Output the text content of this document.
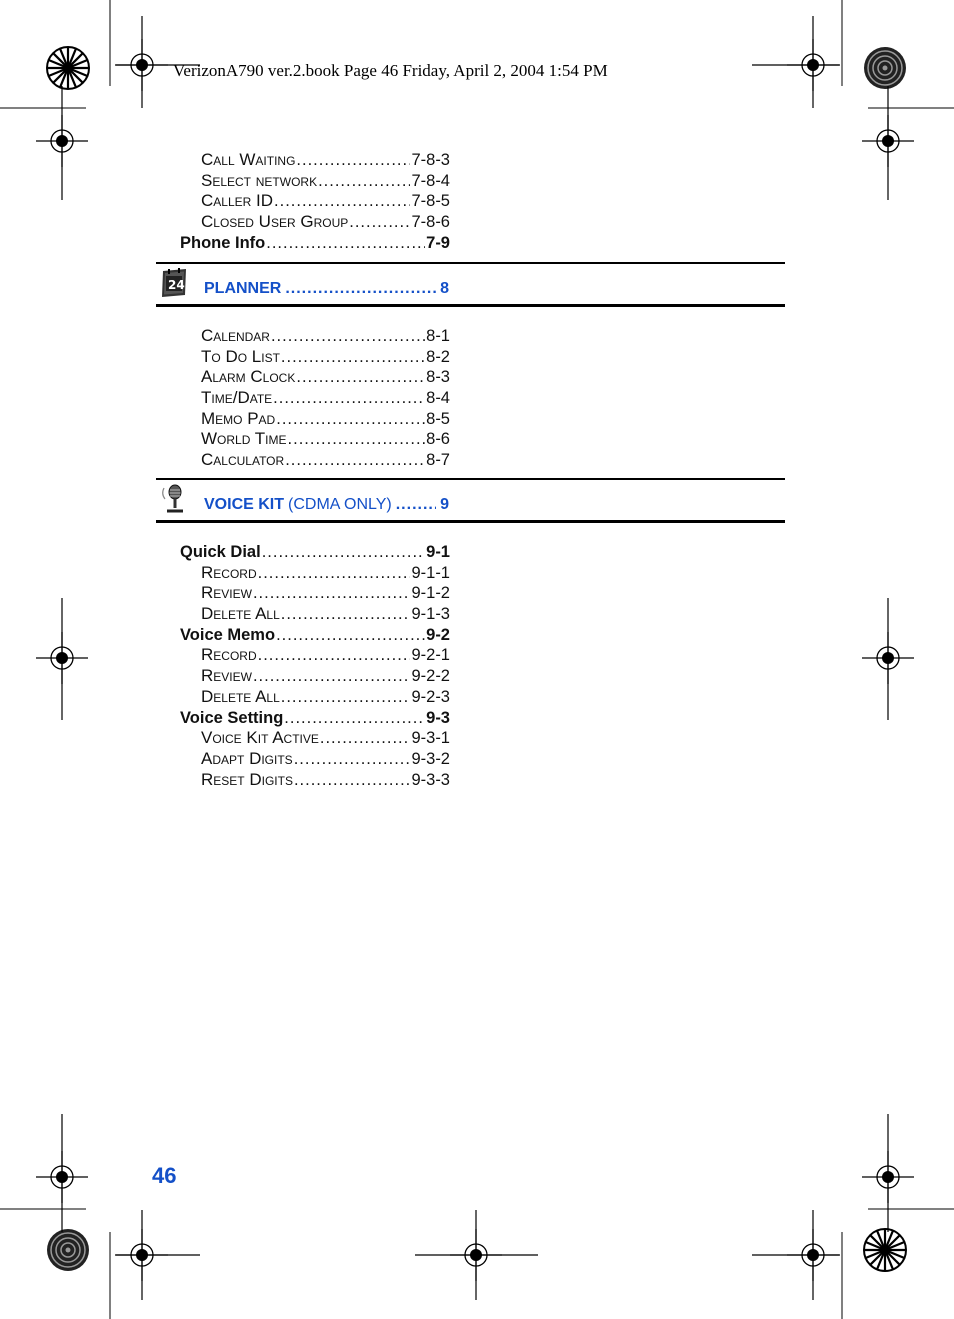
VerizonA790 ver.2.book Page 46 Friday, April 2, 2004 1:54 PM
Call Waiting .....	7-8-3
Select network .....	7-8-4
Caller ID .....	7-8-5
Closed User Group .....	7-8-6
Phone Info .....	7-9
24 PLANNER .....	8
Calendar .....	8-1
To Do List .....	8-2
Alarm Clock .....	8-3
Time/Date .....	8-4
Memo Pad .....	8-5
World Time .....	8-6
Calculator .....	8-7
VOICE KIT (CDMA ONLY) .....	9
Quick Dial .....	9-1
Record .....	9-1-1
Review .....	9-1-2
Delete All .....	9-1-3
Voice Memo .....	9-2
Record .....	9-2-1
Review .....	9-2-2
Delete All .....	9-2-3
Voice Setting .....	9-3
Voice Kit Active .....	9-3-1
Adapt Digits .....	9-3-2
Reset Digits .....	9-3-3
46
